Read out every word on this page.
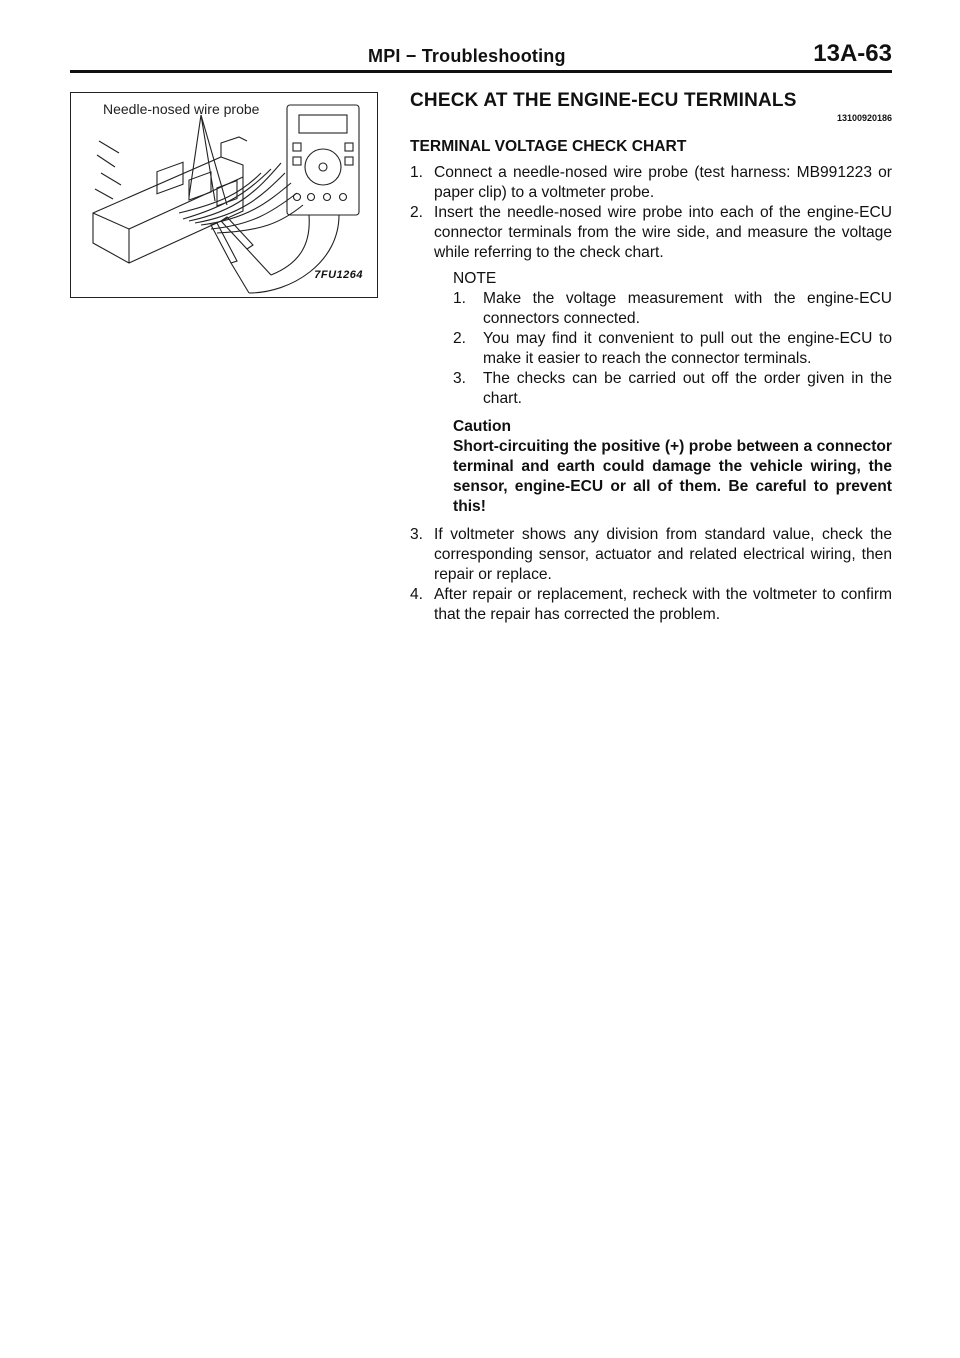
MPI − Troubleshooting	13A-63
Needle-nosed wire probe
7FU1264
CHECK AT THE ENGINE-ECU TERMINALS
13100920186
TERMINAL VOLTAGE CHECK CHART
1. Connect a needle-nosed wire probe (test harness: MB991223 or paper clip) to a voltmeter probe.
2. Insert the needle-nosed wire probe into each of the engine-ECU connector terminals from the wire side, and measure the voltage while referring to the check chart.
NOTE
1.	Make the voltage measurement with the engine-ECU connectors connected.
2.	You may find it convenient to pull out the engine-ECU to make it easier to reach the connector terminals.
3.	The checks can be carried out off the order given in the chart.
Caution
Short-circuiting the positive (+) probe between a connector terminal and earth could damage the vehicle wiring, the sensor, engine-ECU or all of them. Be careful to prevent this!
3. If voltmeter shows any division from standard value, check the corresponding sensor, actuator and related electrical wiring, then repair or replace.
4. After repair or replacement, recheck with the voltmeter to confirm that the repair has corrected the problem.
